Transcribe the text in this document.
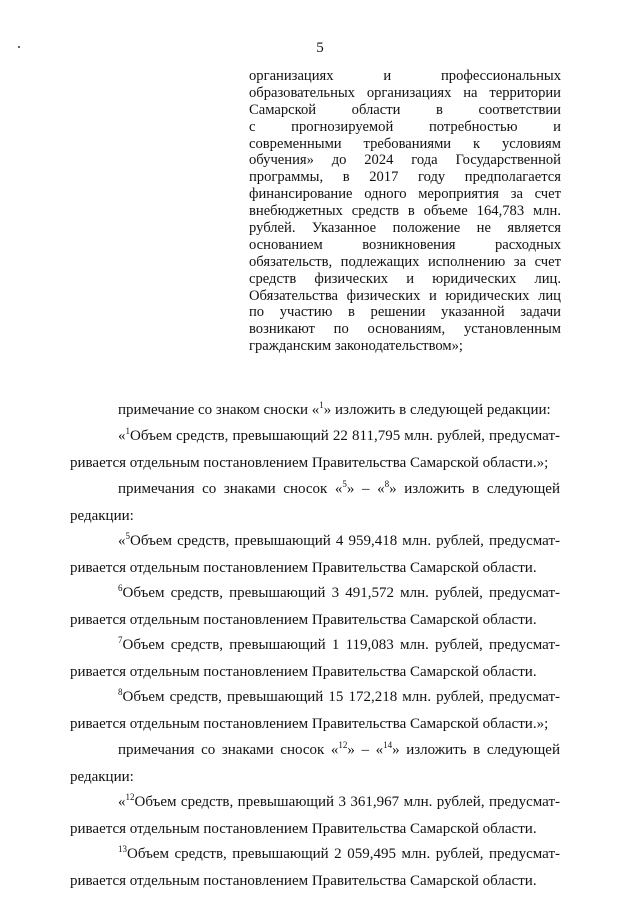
5
организациях и профессиональных
образовательных организациях на территории
Самарской области в соответствии
с прогнозируемой потребностью и
современными требованиями к условиям
обучения» до 2024 года Государственной
программы, в 2017 году предполагается
финансирование одного мероприятия за счет
внебюджетных средств в объеме 164,783 млн.
рублей. Указанное положение не является
основанием возникновения расходных
обязательств, подлежащих исполнению за счет
средств физических и юридических лиц.
Обязательства физических и юридических лиц
по участию в решении указанной задачи
возникают по основаниям, установленным
гражданским законодательством»;
примечание со знаком сноски «$^1$» изложить в следующей редакции:
«$^1$Объем средств, превышающий 22 811,795 млн. рублей, предусмат-
ривается отдельным постановлением Правительства Самарской области.»;
примечания со знаками сносок «$^5$» – «$^8$» изложить в следующей
редакции:
«$^5$Объем средств, превышающий 4 959,418 млн. рублей, предусмат-
ривается отдельным постановлением Правительства Самарской области.
$^6$Объем средств, превышающий 3 491,572 млн. рублей, предусмат-
ривается отдельным постановлением Правительства Самарской области.
$^7$Объем средств, превышающий 1 119,083 млн. рублей, предусмат-
ривается отдельным постановлением Правительства Самарской области.
$^8$Объем средств, превышающий 15 172,218 млн. рублей, предусмат-
ривается отдельным постановлением Правительства Самарской области.»;
примечания со знаками сносок «$^{12}$» – «$^{14}$» изложить в следующей
редакции:
«$^{12}$Объем средств, превышающий 3 361,967 млн. рублей, предусмат-
ривается отдельным постановлением Правительства Самарской области.
$^{13}$Объем средств, превышающий 2 059,495 млн. рублей, предусмат-
ривается отдельным постановлением Правительства Самарской области.
